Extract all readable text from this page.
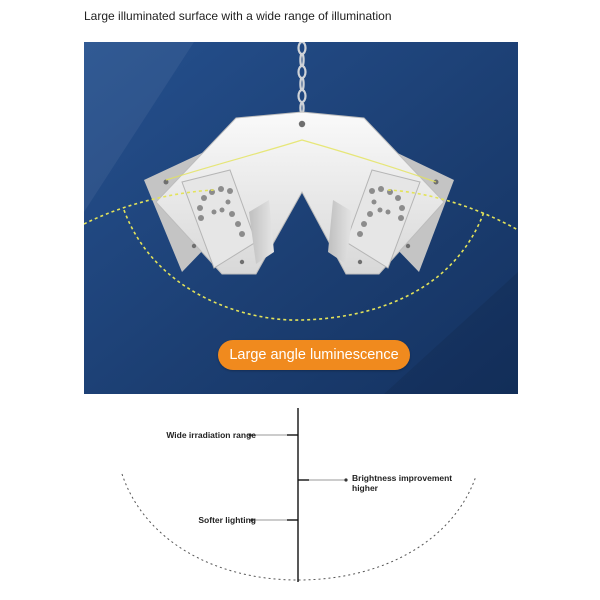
Large illuminated surface with a wide range of illumination
Large angle luminescence
Wide irradiation range
Brightness improvement
higher
Softer lighting
